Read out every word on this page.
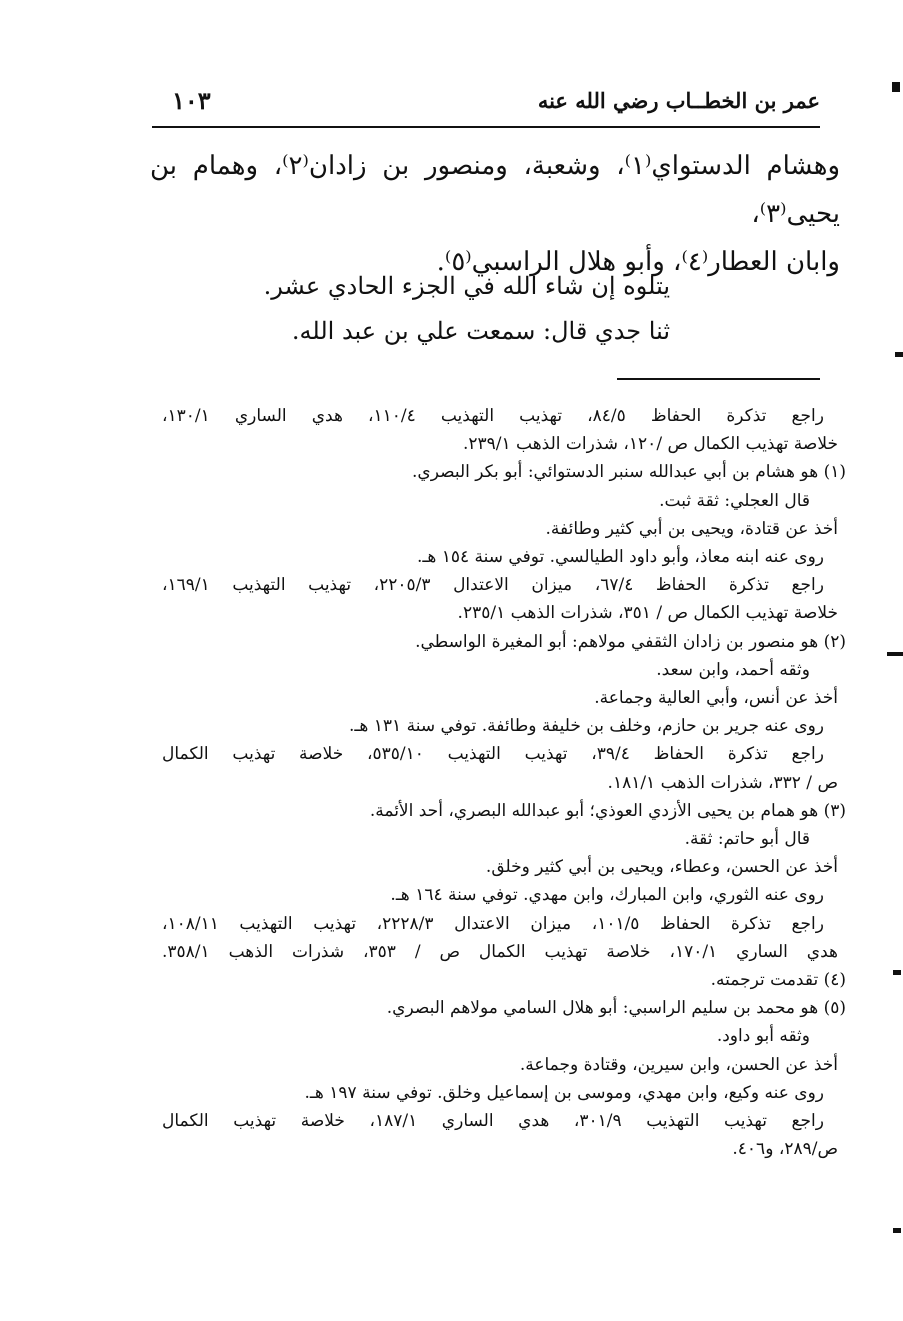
عمر بن الخطــاب رضي الله عنه
١٠٣

وهشام الدستواي⁽١⁾، وشعبة، ومنصور بن زادان⁽٢⁾، وهمام بن يحيى⁽٣⁾،

وابان العطار⁽٤⁾، وأبو هلال الراسبي⁽٥⁾.

يتلوه إن شاء الله في الجزء الحادي عشر.

ثنا جدي قال: سمعت علي بن عبد الله.

راجع تذكرة الحفاظ ٨٤/٥، تهذيب التهذيب ١١٠/٤، هدي الساري ١٣٠/١،

خلاصة تهذيب الكمال ص /١٢٠، شذرات الذهب ٢٣٩/١.

(١) هو هشام بن أبي عبدالله سنبر الدستوائي: أبو بكر البصري.

قال العجلي: ثقة ثبت.

أخذ عن قتادة، ويحيى بن أبي كثير وطائفة.

روى عنه ابنه معاذ، وأبو داود الطيالسي. توفي سنة ١٥٤ هـ.

راجع تذكرة الحفاظ ٦٧/٤، ميزان الاعتدال ٢٢٠٥/٣، تهذيب التهذيب ١٦٩/١،

خلاصة تهذيب الكمال ص / ٣٥١، شذرات الذهب ٢٣٥/١.

(٢) هو منصور بن زادان الثقفي مولاهم: أبو المغيرة الواسطي.

وثقه أحمد، وابن سعد.

أخذ عن أنس، وأبي العالية وجماعة.

روى عنه جرير بن حازم، وخلف بن خليفة وطائفة. توفي سنة ١٣١ هـ.

راجع تذكرة الحفاظ ٣٩/٤، تهذيب التهذيب ٥٣٥/١٠، خلاصة تهذيب الكمال

ص / ٣٣٢، شذرات الذهب ١٨١/١.

(٣) هو همام بن يحيى الأزدي العوذي؛ أبو عبدالله البصري، أحد الأئمة.

قال أبو حاتم: ثقة.

أخذ عن الحسن، وعطاء، ويحيى بن أبي كثير وخلق.

روى عنه الثوري، وابن المبارك، وابن مهدي. توفي سنة ١٦٤ هـ.

راجع تذكرة الحفاظ ١٠١/٥، ميزان الاعتدال ٢٢٢٨/٣، تهذيب التهذيب ١٠٨/١١،

هدي الساري ١٧٠/١، خلاصة تهذيب الكمال ص / ٣٥٣، شذرات الذهب ٣٥٨/١.

(٤) تقدمت ترجمته.

(٥) هو محمد بن سليم الراسبي: أبو هلال السامي مولاهم البصري.

وثقه أبو داود.

أخذ عن الحسن، وابن سيرين، وقتادة وجماعة.

روى عنه وكيع، وابن مهدي، وموسى بن إسماعيل وخلق. توفي سنة ١٩٧ هـ.

راجع تهذيب التهذيب ٣٠١/٩، هدي الساري ١٨٧/١، خلاصة تهذيب الكمال

ص/٢٨٩، و٤٠٦.
